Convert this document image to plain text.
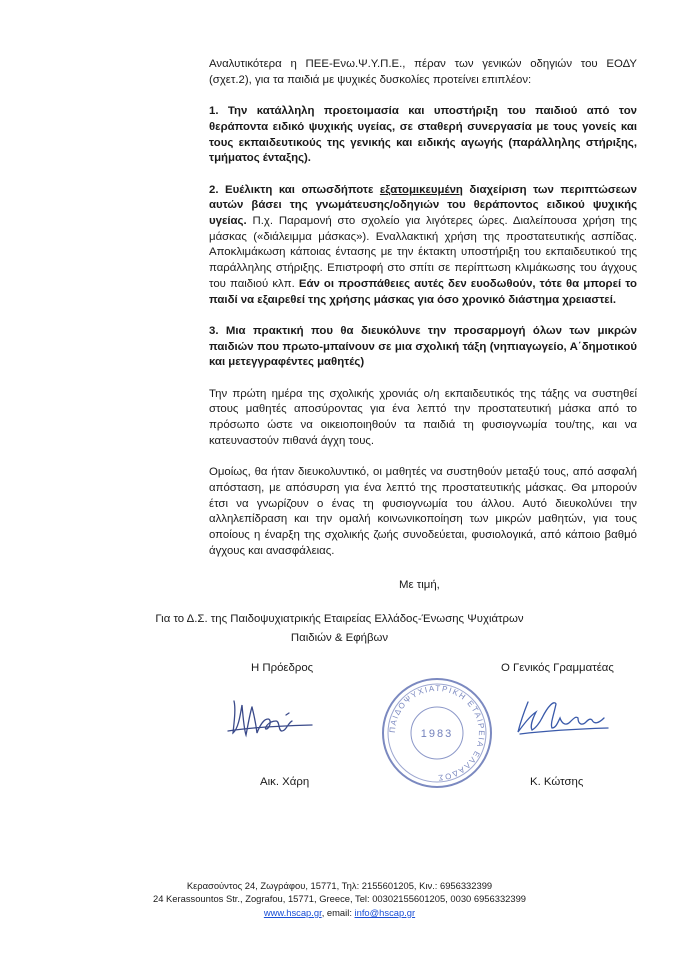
Αναλυτικότερα η ΠΕΕ-Ενω.Ψ.Υ.Π.Ε., πέραν των γενικών οδηγιών του ΕΟΔΥ (σχετ.2), για τα παιδιά με ψυχικές δυσκολίες προτείνει επιπλέον:

1. Την κατάλληλη προετοιμασία και υποστήριξη του παιδιού από τον θεράποντα ειδικό ψυχικής υγείας, σε σταθερή συνεργασία με τους γονείς και τους εκπαιδευτικούς της γενικής και ειδικής αγωγής (παράλληλης στήριξης, τμήματος ένταξης).

2. Ευέλικτη και οπωσδήποτε εξατομικευμένη διαχείριση των περιπτώσεων αυτών βάσει της γνωμάτευσης/οδηγιών του θεράποντος ειδικού ψυχικής υγείας. Π.χ. Παραμονή στο σχολείο για λιγότερες ώρες. Διαλείπουσα χρήση της μάσκας («διάλειμμα μάσκας»). Εναλλακτική χρήση της προστατευτικής ασπίδας. Αποκλιμάκωση κάποιας έντασης με την έκτακτη υποστήριξη του εκπαιδευτικού της παράλληλης στήριξης. Επιστροφή στο σπίτι σε περίπτωση κλιμάκωσης του άγχους του παιδιού κλπ. Εάν οι προσπάθειες αυτές δεν ευοδωθούν, τότε θα μπορεί το παιδί να εξαιρεθεί της χρήσης μάσκας για όσο χρονικό διάστημα χρειαστεί.

3. Μια πρακτική που θα διευκόλυνε την προσαρμογή όλων των μικρών παιδιών που πρωτο-μπαίνουν σε μια σχολική τάξη (νηπιαγωγείο, Α΄δημοτικού και μετεγγραφέντες μαθητές)

Την πρώτη ημέρα της σχολικής χρονιάς ο/η εκπαιδευτικός της τάξης να συστηθεί στους μαθητές αποσύροντας για ένα λεπτό την προστατευτική μάσκα από το πρόσωπο ώστε να οικειοποιηθούν τα παιδιά τη φυσιογνωμία του/της, και να κατευναστούν πιθανά άγχη τους.

Ομοίως, θα ήταν διευκολυντικό, οι μαθητές να συστηθούν μεταξύ τους, από ασφαλή απόσταση, με απόσυρση για ένα λεπτό της προστατευτικής μάσκας. Θα μπορούν έτσι να γνωρίζουν ο ένας τη φυσιογνωμία του άλλου. Αυτό διευκολύνει την αλληλεπίδραση και την ομαλή κοινωνικοποίηση των μικρών μαθητών, για τους οποίους η έναρξη της σχολικής ζωής συνοδεύεται, φυσιολογικά, από κάποιο βαθμό άγχους και ανασφάλειας.

Με τιμή,
Για το Δ.Σ. της Παιδοψυχιατρικής Εταιρείας Ελλάδος-Ένωσης Ψυχιάτρων
Παιδιών & Εφήβων
Η Πρόεδρος	Ο Γενικός Γραμματέας
ΠΑΙΔΟΨΥΧΙΑΤΡΙΚΗ ΕΤΑΙΡΕΙΑ ΕΛΛΑΔΟΣ
1983
Αικ. Χάρη	Κ. Κώτσης
Κερασούντος 24, Ζωγράφου, 15771, Τηλ: 2155601205, Κιν.: 6956332399
24 Kerassountos Str., Zografou, 15771, Greece, Tel: 00302155601205, 0030 6956332399
www.hscap.gr, email: info@hscap.gr
